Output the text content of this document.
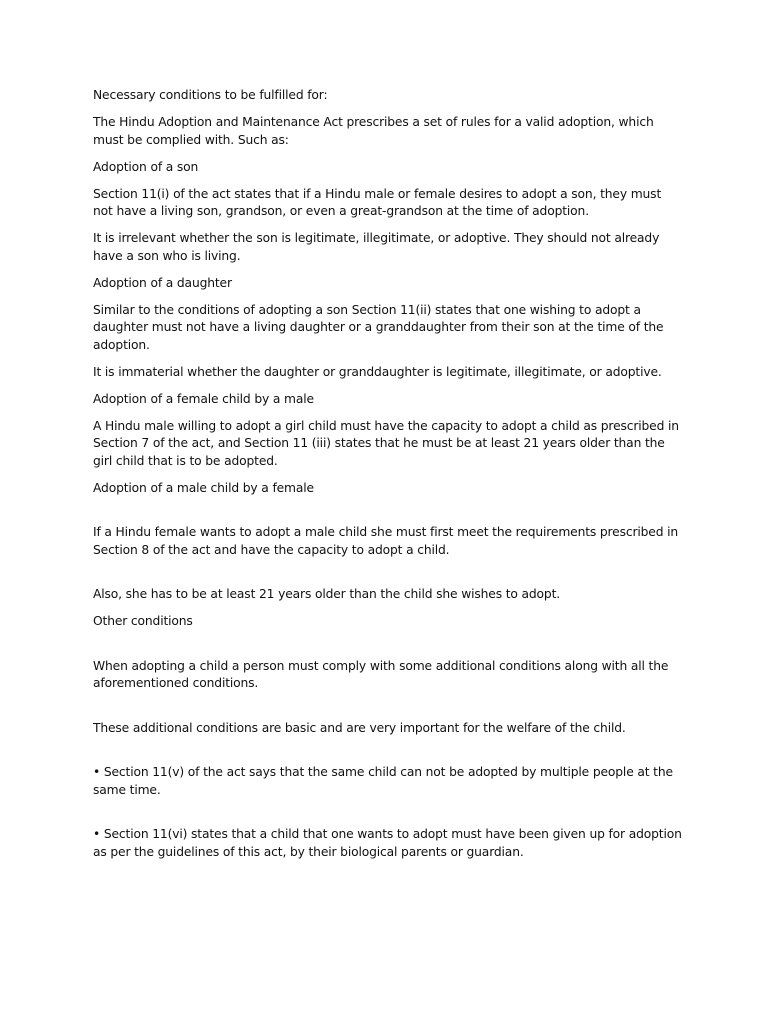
Necessary conditions to be fulfilled for:

The Hindu Adoption and Maintenance Act prescribes a set of rules for a valid adoption, which must be complied with. Such as:

Adoption of a son

Section 11(i) of the act states that if a Hindu male or female desires to adopt a son, they must not have a living son, grandson, or even a great-grandson at the time of adoption.

It is irrelevant whether the son is legitimate, illegitimate, or adoptive. They should not already have a son who is living.

Adoption of a daughter

Similar to the conditions of adopting a son Section 11(ii) states that one wishing to adopt a daughter must not have a living daughter or a granddaughter from their son at the time of the adoption.

It is immaterial whether the daughter or granddaughter is legitimate, illegitimate, or adoptive.

Adoption of a female child by a male

A Hindu male willing to adopt a girl child must have the capacity to adopt a child as prescribed in Section 7 of the act, and Section 11 (iii) states that he must be at least 21 years older than the girl child that is to be adopted.

Adoption of a male child by a female

If a Hindu female wants to adopt a male child she must first meet the requirements prescribed in Section 8 of the act and have the capacity to adopt a child.

Also, she has to be at least 21 years older than the child she wishes to adopt.

Other conditions

When adopting a child a person must comply with some additional conditions along with all the aforementioned conditions.

These additional conditions are basic and are very important for the welfare of the child.

• Section 11(v) of the act says that the same child can not be adopted by multiple people at the same time.

• Section 11(vi) states that a child that one wants to adopt must have been given up for adoption as per the guidelines of this act, by their biological parents or guardian.
